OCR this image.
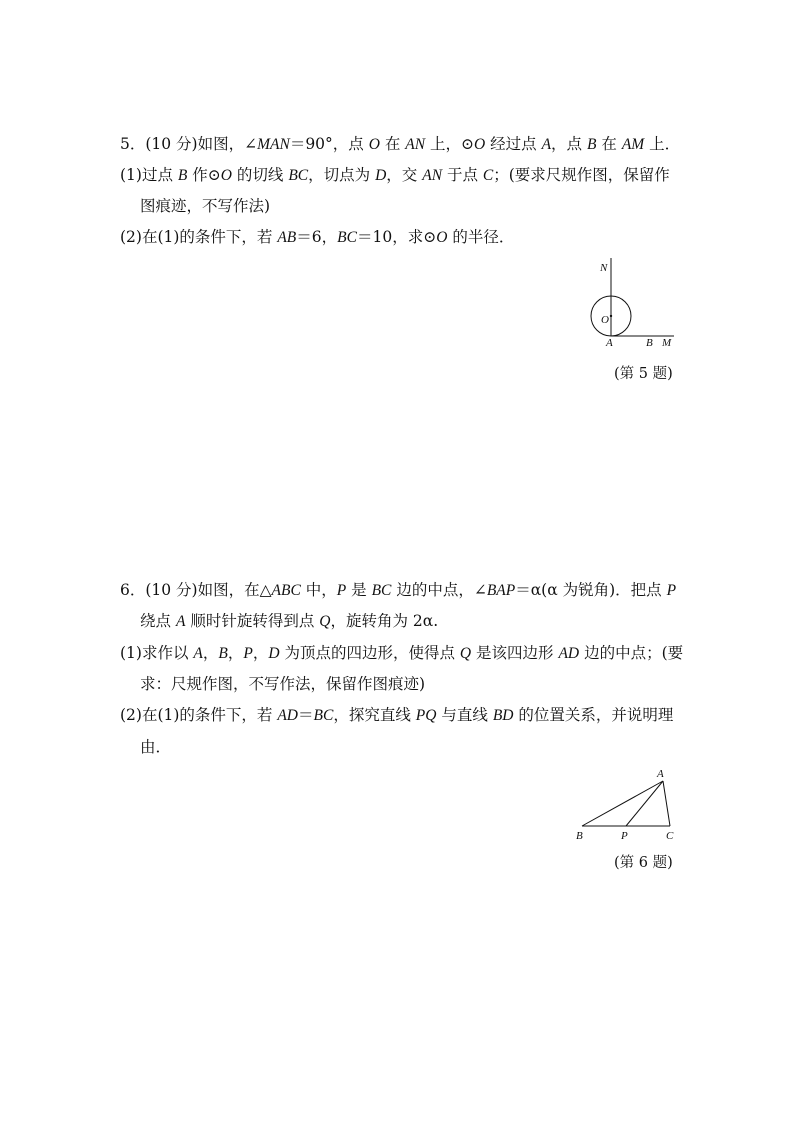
5．(10 分)如图，∠MAN＝90°，点 O 在 AN 上，⊙O 经过点 A，点 B 在 AM 上．
(1)过点 B 作⊙O 的切线 BC，切点为 D，交 AN 于点 C；(要求尺规作图，保留作
图痕迹，不写作法)
(2)在(1)的条件下，若 AB＝6，BC＝10，求⊙O 的半径．
N
O
A	B M
(第 5 题)
6．(10 分)如图，在△ABC 中，P 是 BC 边的中点，∠BAP＝α(α 为锐角)．把点 P
绕点 A 顺时针旋转得到点 Q，旋转角为 2α.
(1)求作以 A，B，P，D 为顶点的四边形，使得点 Q 是该四边形 AD 边的中点；(要
求：尺规作图，不写作法，保留作图痕迹)
(2)在(1)的条件下，若 AD＝BC，探究直线 PQ 与直线 BD 的位置关系，并说明理
由．
A
B	P	C
(第 6 题)
